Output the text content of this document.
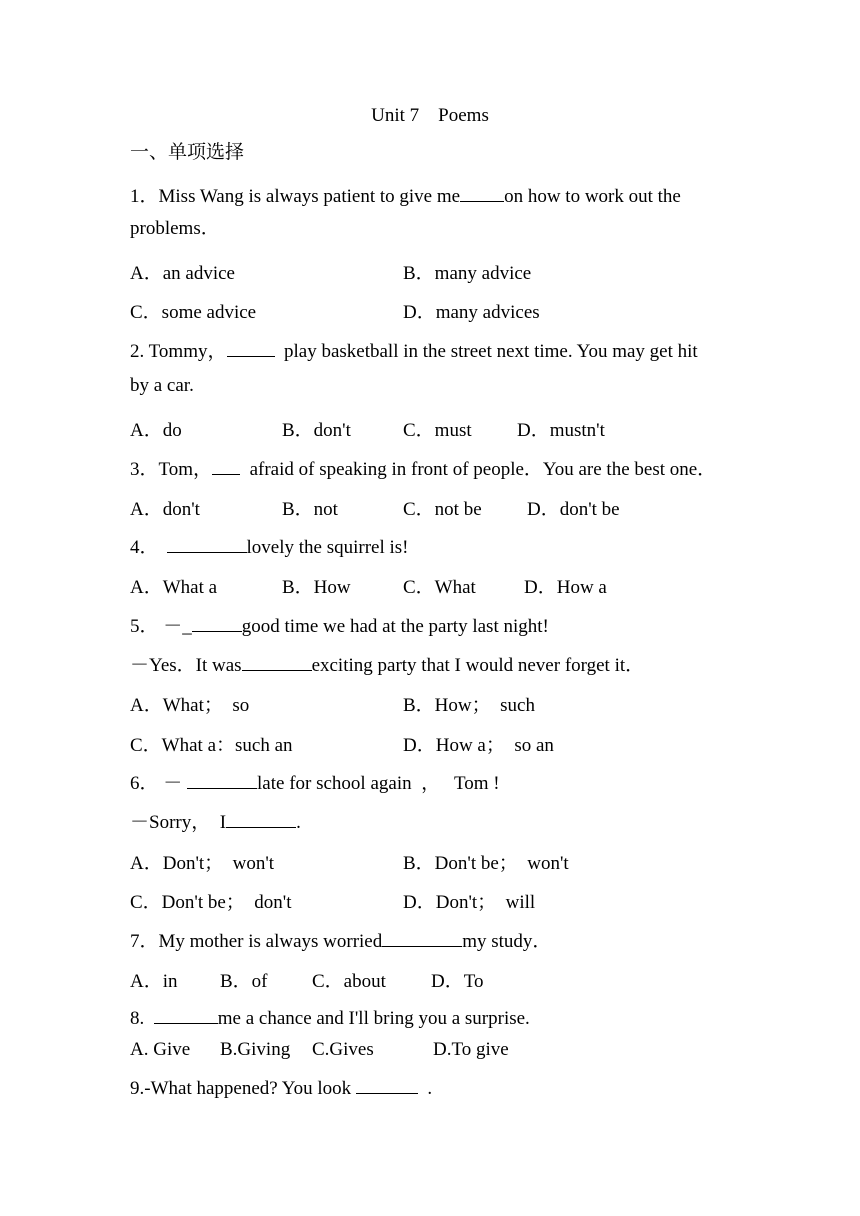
Unit 7    Poems
一、单项选择
1．Miss Wang is always patient to give me on how to work out the
problems．
A．an advice	B．many advice
C．some advice	D．many advices
2. Tommy，	play basketball in the street next time. You may get hit
by a car.
A．do	B．don't	C．must D．mustn't
3．Tom，  afraid of speaking in front of people．You are the best one．
A．don't	B．not	C．not be D．don't be
4．	lovely the squirrel is!
A．What a	B．How	C．What	D．How a
5． －_	good time we had at the party last night!
－Yes．It was	exciting party that I would never forget it．
A．What；  so	B．How；  such
C．What a：such an	D．How a；  so an
6． －	late for school again  ，   Tom !
－Sorry，  I	.
A．Don't；  won't	B．Don't be；  won't
C．Don't be；  don't	D．Don't；  will
7．My mother is always worried	my study．
A．in B．of C．about D．To
8.	me a chance and I'll bring you a surprise.
A. Give B.Giving C.Gives	D.To give
9.-What happened? You look	.
